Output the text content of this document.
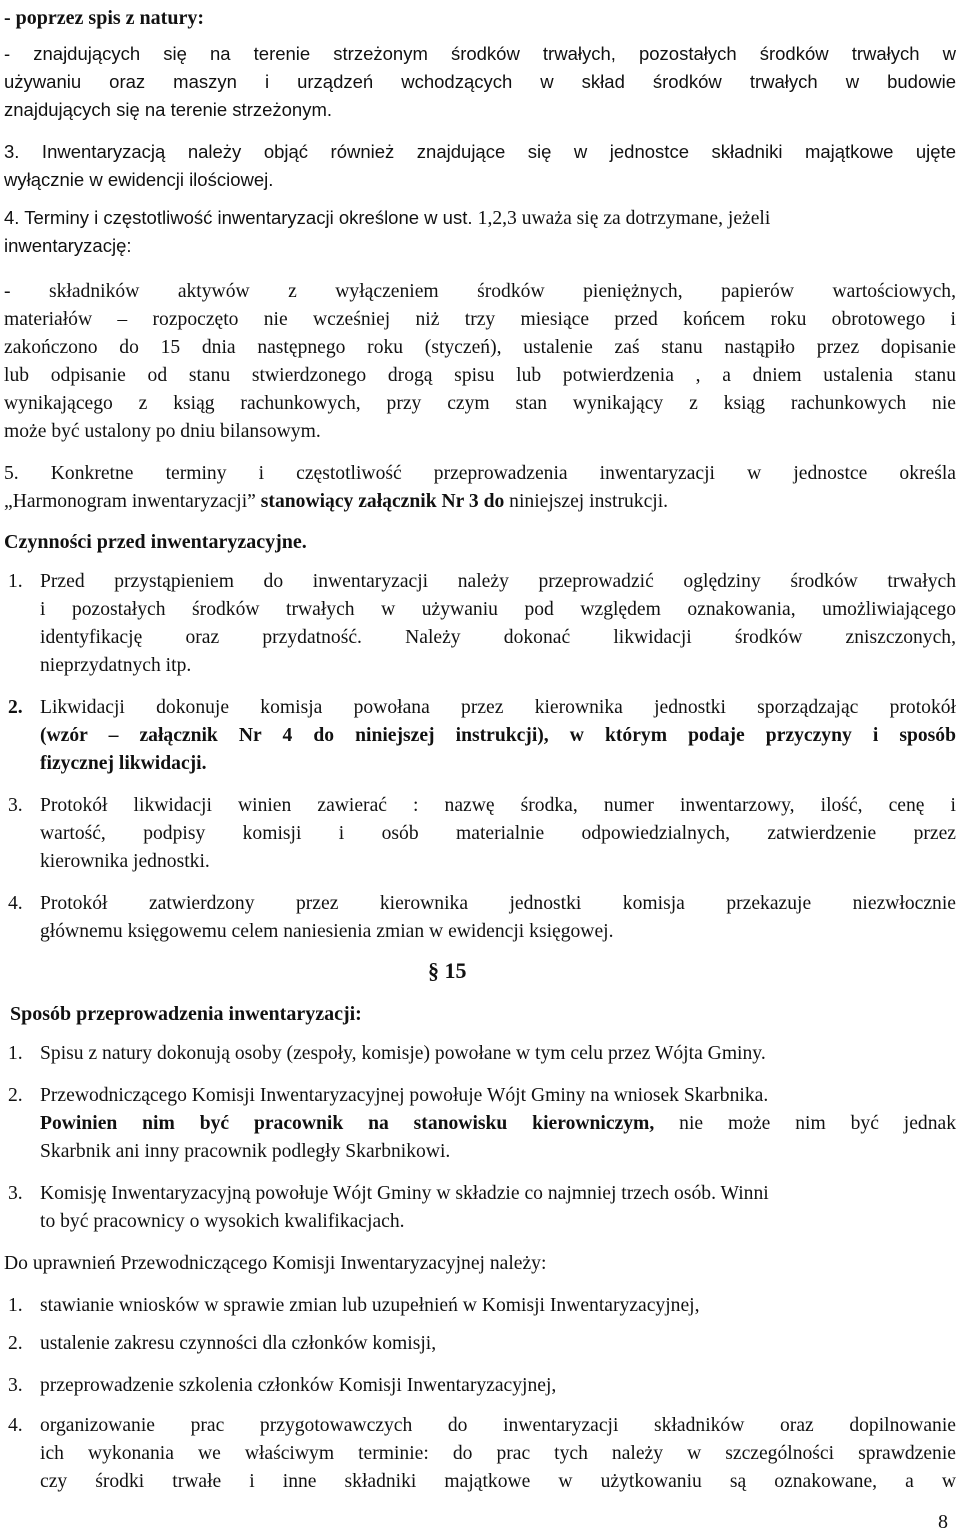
- poprzez spis z natury:
- znajdujących się na terenie strzeżonym środków trwałych, pozostałych środków trwałych w
używaniu oraz maszyn i urządzeń wchodzących w skład środków trwałych w budowie
znajdujących się na terenie strzeżonym.
3. Inwentaryzacją należy objąć również znajdujące się w jednostce składniki majątkowe ujęte
wyłącznie w ewidencji ilościowej.
4. Terminy i częstotliwość inwentaryzacji określone w ust. 1,2,3 uważa się za dotrzymane, jeżeli
inwentaryzację:
- składników aktywów z wyłączeniem środków pieniężnych, papierów wartościowych,
materiałów – rozpoczęto nie wcześniej niż trzy miesiące przed końcem roku obrotowego i
zakończono do 15 dnia następnego roku (styczeń), ustalenie zaś stanu nastąpiło przez dopisanie
lub odpisanie od stanu stwierdzonego drogą spisu lub potwierdzenia , a dniem ustalenia stanu
wynikającego z ksiąg rachunkowych, przy czym stan wynikający z ksiąg rachunkowych nie
może być ustalony po dniu bilansowym.
5. Konkretne terminy i częstotliwość przeprowadzenia inwentaryzacji w jednostce określa
„Harmonogram inwentaryzacji” stanowiący załącznik Nr 3 do niniejszej instrukcji.
Czynności przed inwentaryzacyjne.
1. Przed przystąpieniem do inwentaryzacji należy przeprowadzić oględziny środków trwałych
i pozostałych środków trwałych w używaniu pod względem oznakowania, umożliwiającego
identyfikację oraz przydatność. Należy dokonać likwidacji środków zniszczonych,
nieprzydatnych itp.
2. Likwidacji dokonuje komisja powołana przez kierownika jednostki sporządzając protokół
(wzór – załącznik Nr 4 do niniejszej instrukcji), w którym podaje przyczyny i sposób
fizycznej likwidacji.
3. Protokół likwidacji winien zawierać : nazwę środka, numer inwentarzowy, ilość, cenę i
wartość, podpisy komisji i osób materialnie odpowiedzialnych, zatwierdzenie przez
kierownika jednostki.
4. Protokół zatwierdzony przez kierownika jednostki komisja przekazuje niezwłocznie
głównemu księgowemu celem naniesienia zmian w ewidencji księgowej.
§ 15
Sposób przeprowadzenia inwentaryzacji:
1. Spisu z natury dokonują osoby (zespoły, komisje) powołane w tym celu przez Wójta Gminy.
2. Przewodniczącego Komisji Inwentaryzacyjnej powołuje Wójt Gminy na wniosek Skarbnika.
Powinien nim być pracownik na stanowisku kierowniczym, nie może nim być jednak
Skarbnik ani inny pracownik podległy Skarbnikowi.
3. Komisję Inwentaryzacyjną powołuje Wójt Gminy w składzie co najmniej trzech osób. Winni
to być pracownicy o wysokich kwalifikacjach.
Do uprawnień Przewodniczącego Komisji Inwentaryzacyjnej należy:
1. stawianie wniosków w sprawie zmian lub uzupełnień w Komisji Inwentaryzacyjnej,
2. ustalenie zakresu czynności dla członków komisji,
3. przeprowadzenie szkolenia członków Komisji Inwentaryzacyjnej,
4. organizowanie prac przygotowawczych do inwentaryzacji składników oraz dopilnowanie
ich wykonania we właściwym terminie: do prac tych należy w szczególności sprawdzenie
czy środki trwałe i inne składniki majątkowe w użytkowaniu są oznakowane, a w
8
